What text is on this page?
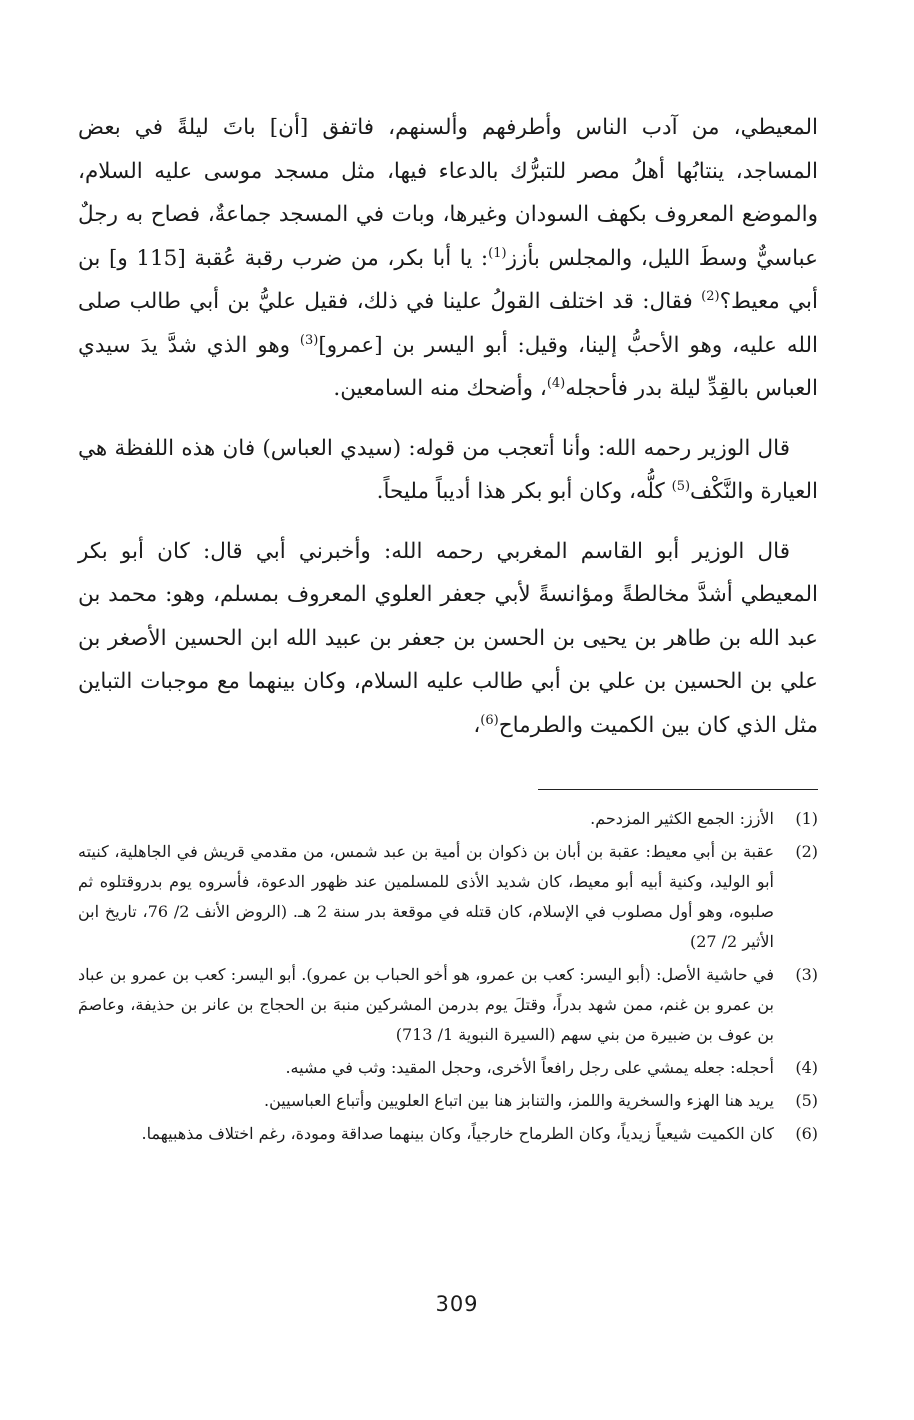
المعيطي، من آدب الناس وأطرفهم وألسنهم، فاتفق [أن] باتَ ليلةً في بعض المساجد، ينتابُها أهلُ مصر للتبرُّك بالدعاء فيها، مثل مسجد موسى عليه السلام، والموضع المعروف بكهف السودان وغيرها، وبات في المسجد جماعةٌ، فصاح به رجلٌ عباسيٌّ وسطَ الليل، والمجلس بأزز$^{(1)}$: يا أبا بكر، من ضرب رقبة عُقبة [115 و] بن أبي معيط؟$^{(2)}$ فقال: قد اختلف القولُ علينا في ذلك، فقيل عليُّ بن أبي طالب صلى الله عليه، وهو الأحبُّ إلينا، وقيل: أبو اليسر بن [عمرو]$^{(3)}$ وهو الذي شدَّ يدَ سيدي العباس بالقِدِّ ليلة بدر فأحجله$^{(4)}$، وأضحك منه السامعين.

قال الوزير رحمه الله: وأنا أتعجب من قوله: (سيدي العباس) فان هذه اللفظة هي العيارة والنَّكْف$^{(5)}$ كلُّه، وكان أبو بكر هذا أديباً مليحاً.

قال الوزير أبو القاسم المغربي رحمه الله: وأخبرني أبي قال: كان أبو بكر المعيطي أشدَّ مخالطةً ومؤانسةً لأبي جعفر العلوي المعروف بمسلم، وهو: محمد بن عبد الله بن طاهر بن يحيى بن الحسن بن جعفر بن عبيد الله ابن الحسين الأصغر بن علي بن الحسين بن علي بن أبي طالب عليه السلام، وكان بينهما مع موجبات التباين مثل الذي كان بين الكميت والطرماح$^{(6)}$،

(1)
الأزز: الجمع الكثير المزدحم.
(2)
عقبة بن أبي معيط: عقبة بن أبان بن ذكوان بن أمية بن عبد شمس، من مقدمي قريش في الجاهلية، كنيته أبو الوليد، وكنية أبيه أبو معيط، كان شديد الأذى للمسلمين عند ظهور الدعوة، فأسروه يوم بدروقتلوه ثم صلبوه، وهو أول مصلوب في الإسلام، كان قتله في موقعة بدر سنة 2 هـ. (الروض الأنف 2/ 76، تاريخ ابن الأثير 2/ 27)
(3)
في حاشية الأصل: (أبو اليسر: كعب بن عمرو، هو أخو الحباب بن عمرو). أبو اليسر: كعب بن عمرو بن عباد بن عمرو بن غنم، ممن شهد بدراً، وقتلَ يوم بدرمن المشركين منبهَ بن الحجاج بن عانر بن حذيفة، وعاصمَ بن عوف بن ضبيرة من بني سهم (السيرة النبوية 1/ 713)
(4)
أحجله: جعله يمشي على رجل رافعاً الأخرى، وحجل المقيد: وثب في مشيه.
(5)
يريد هنا الهزء والسخرية واللمز، والتنابز هنا بين اتباع العلويين وأتباع العباسيين.
(6)
كان الكميت شيعياً زيدياً، وكان الطرماح خارجياً، وكان بينهما صداقة ومودة، رغم اختلاف مذهبيهما.
309
